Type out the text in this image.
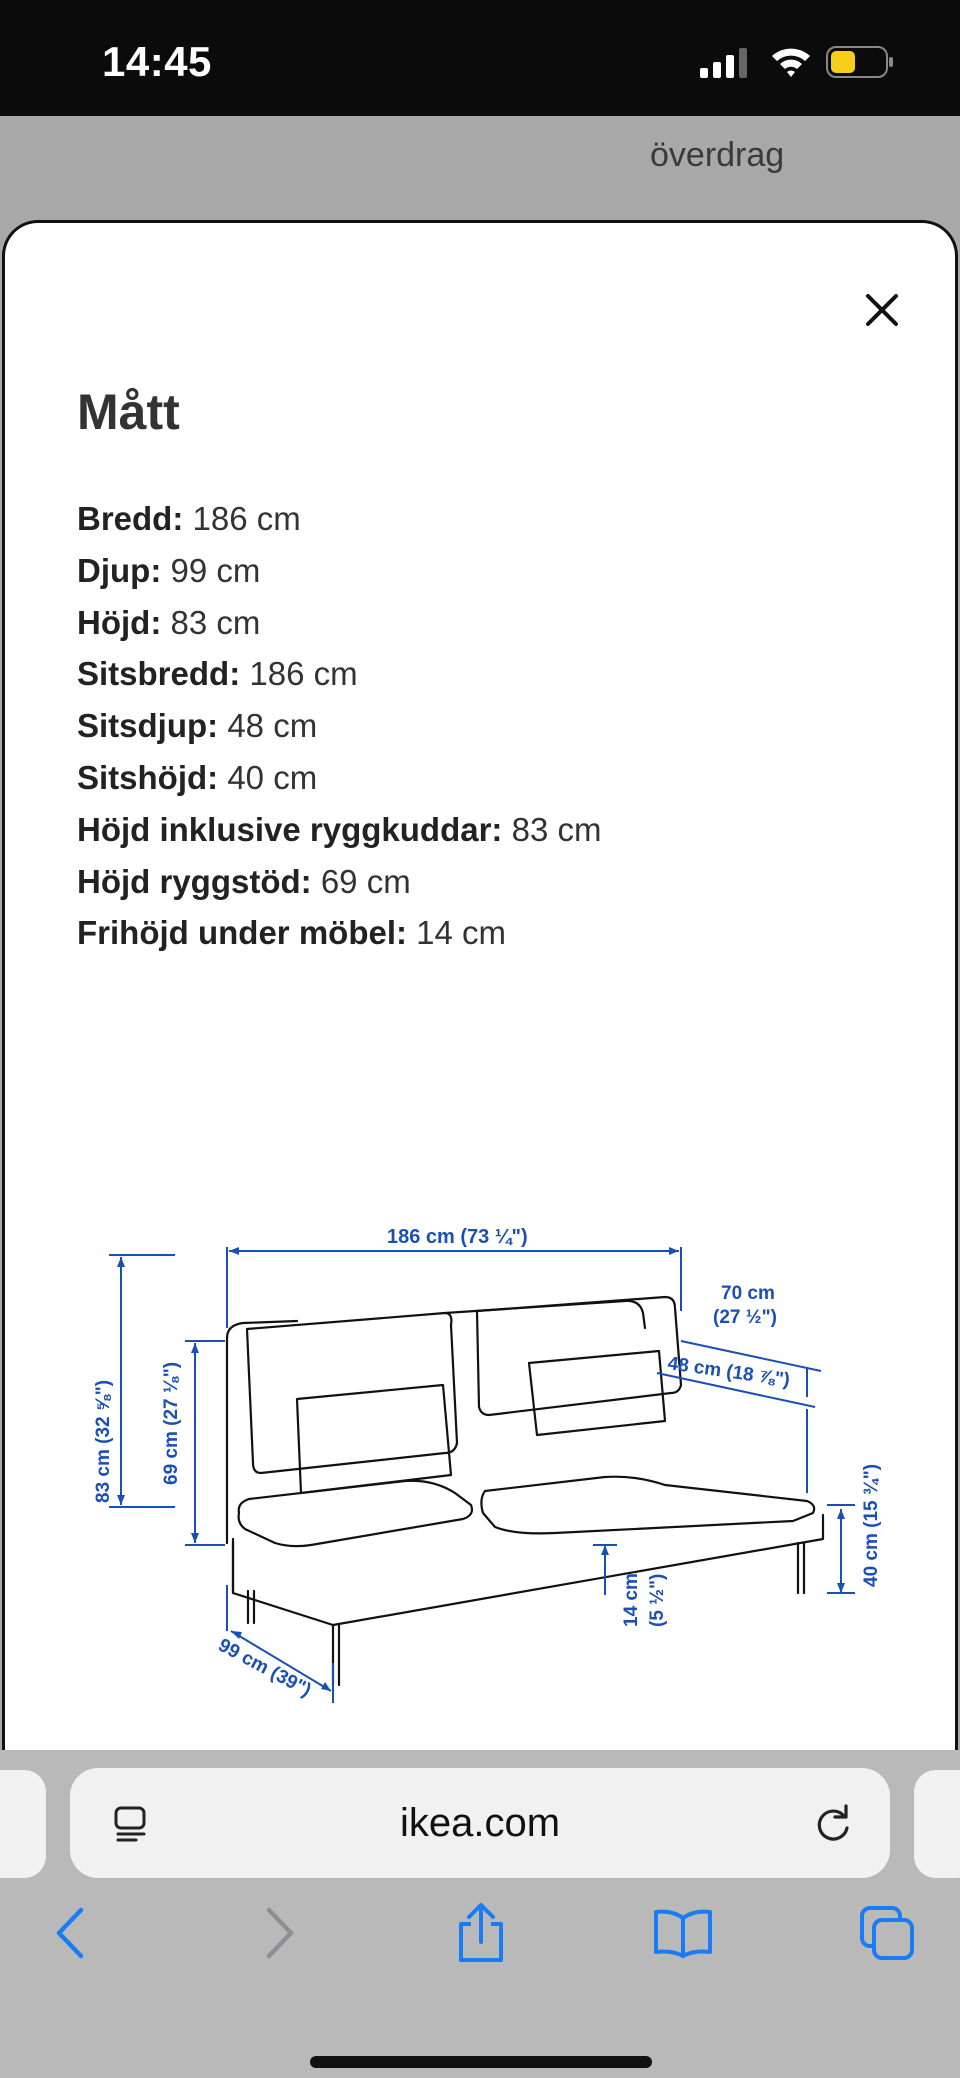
14:45
överdrag
Mått
Bredd: 186 cm
Djup: 99 cm
Höjd: 83 cm
Sitsbredd: 186 cm
Sitsdjup: 48 cm
Sitshöjd: 40 cm
Höjd inklusive ryggkuddar: 83 cm
Höjd ryggstöd: 69 cm
Frihöjd under möbel: 14 cm
186 cm (73 ¼")
70 cm
(27 ½")
48 cm (18 ⅞")
83 cm (32 ⅝") 69 cm (27 ⅛")
40 cm (15 ¾")
14 cm (5 ½")
99 cm (39")
ikea.com
